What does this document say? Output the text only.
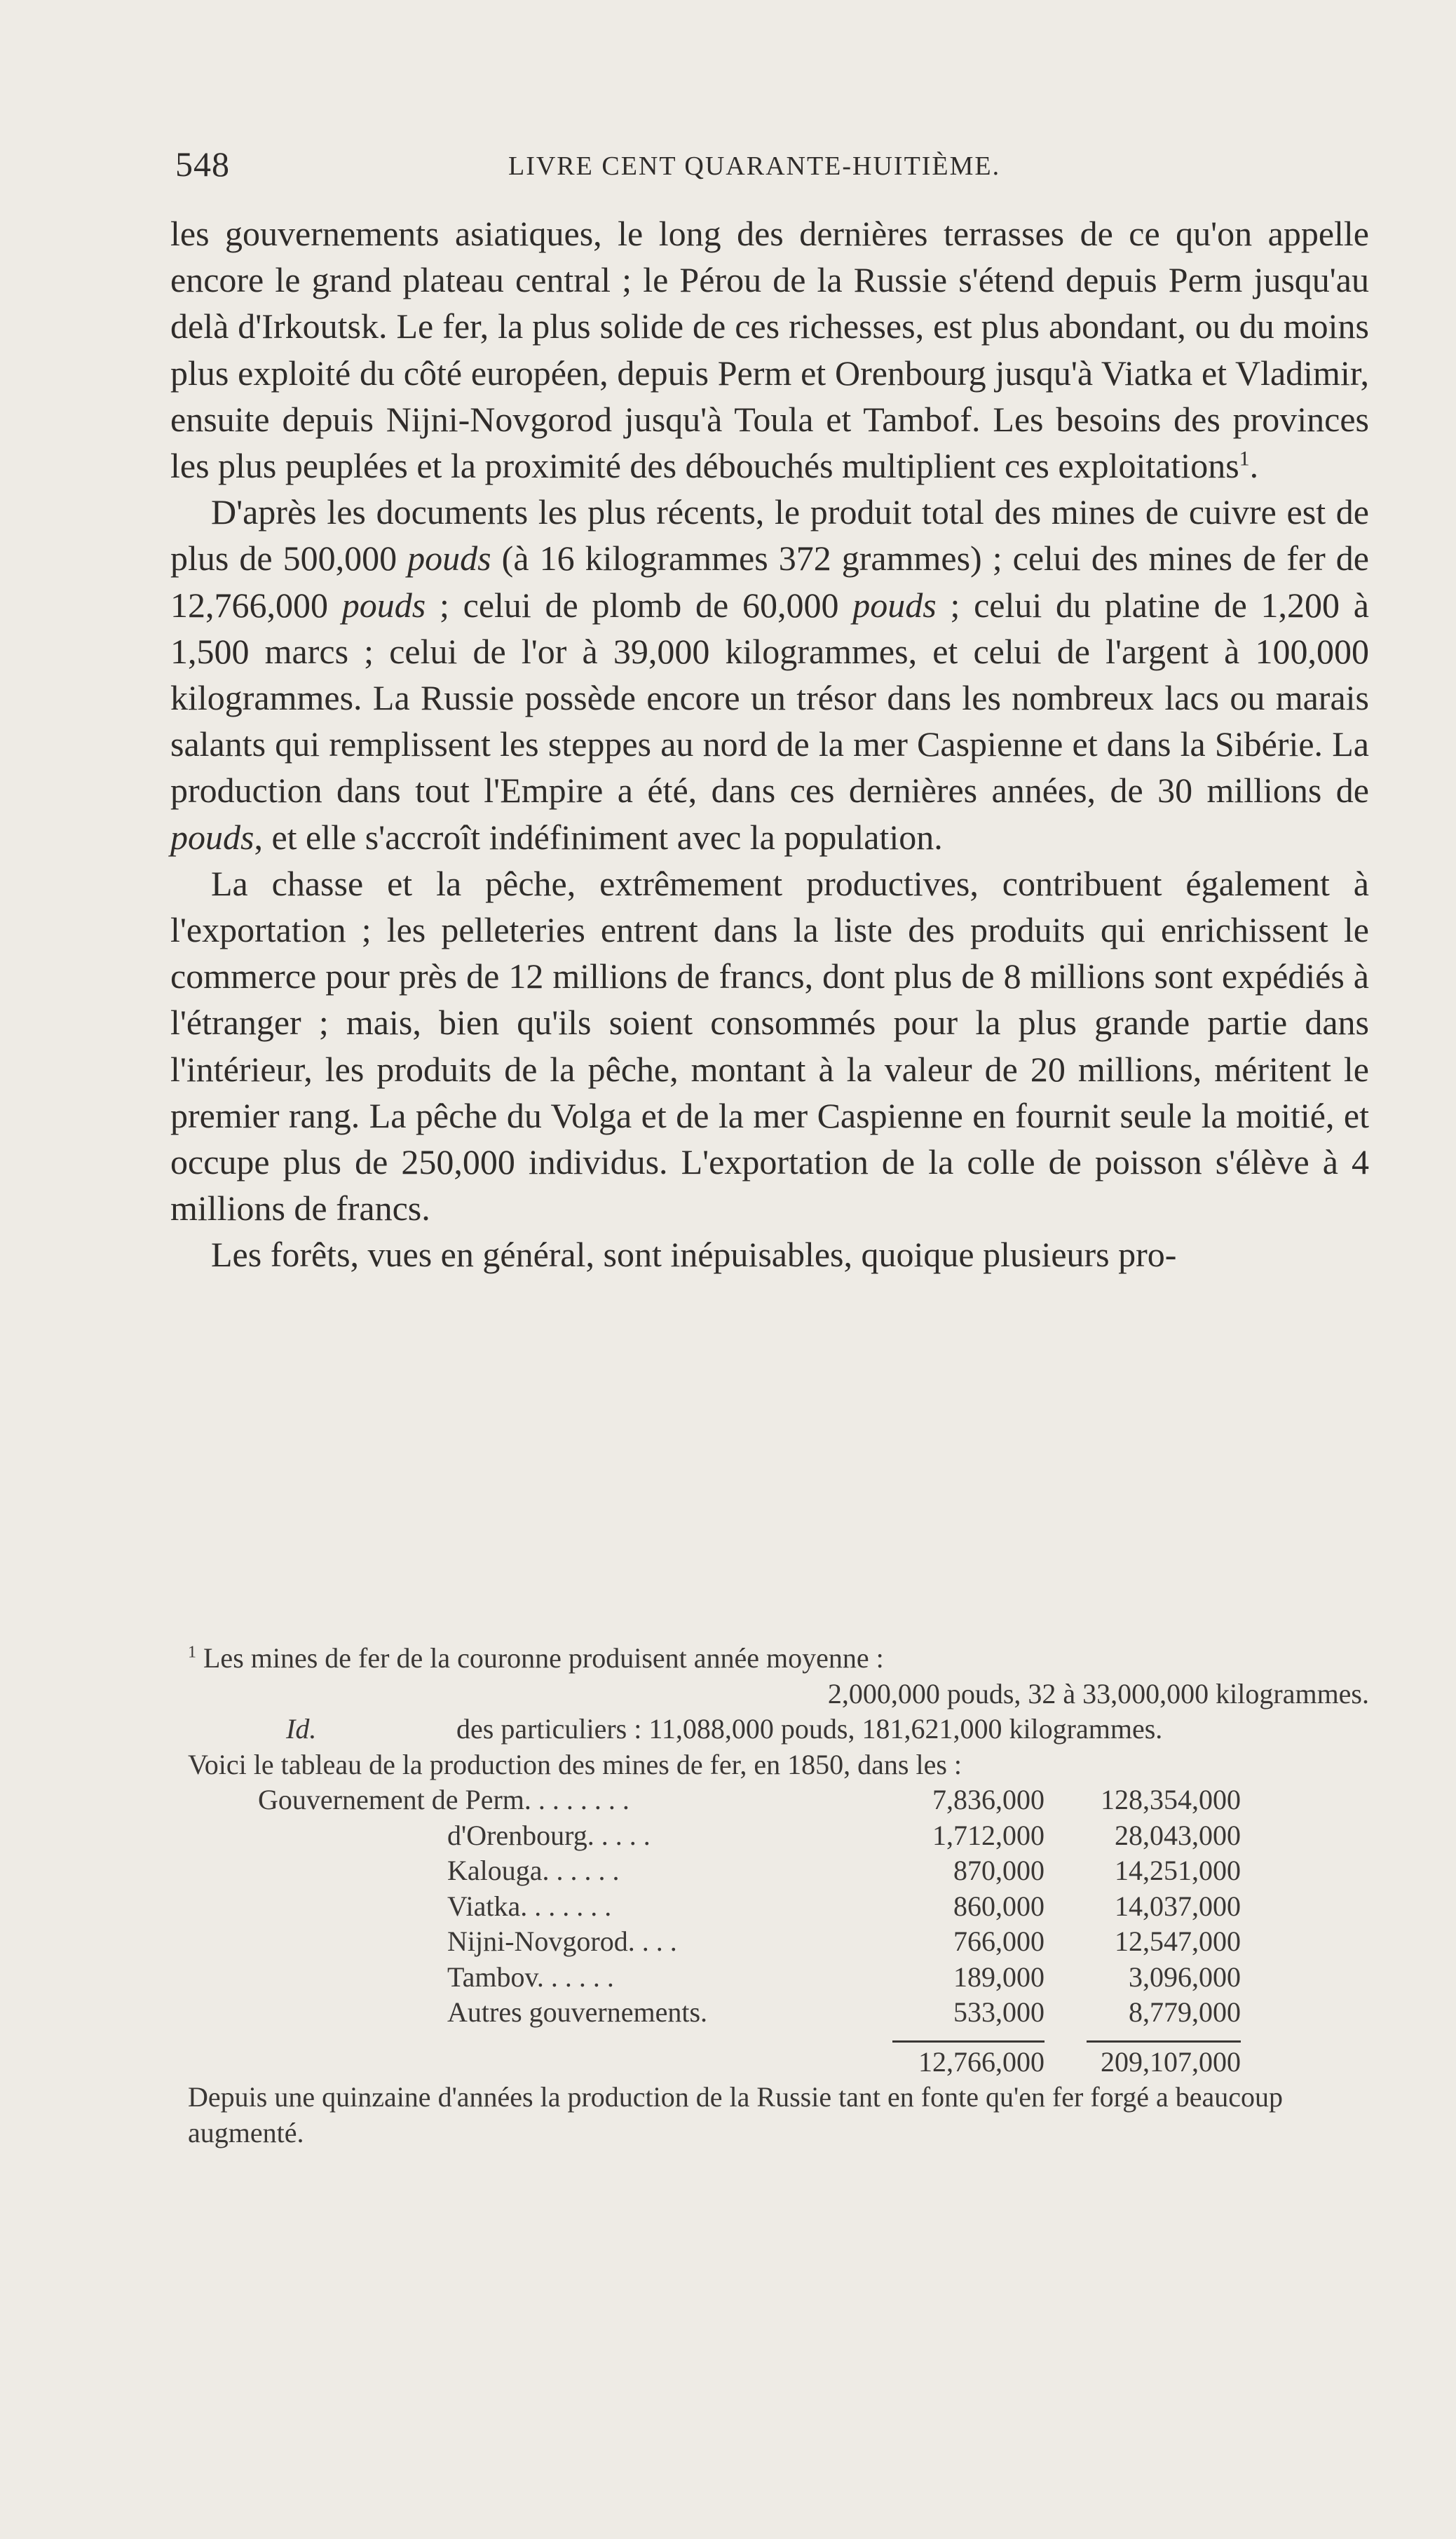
548	LIVRE CENT QUARANTE-HUITIÈME.

les gouvernements asiatiques, le long des dernières terrasses de ce qu'on appelle encore le grand plateau central ; le Pérou de la Russie s'étend depuis Perm jusqu'au delà d'Irkoutsk. Le fer, la plus solide de ces richesses, est plus abondant, ou du moins plus exploité du côté européen, depuis Perm et Orenbourg jusqu'à Viatka et Vladimir, ensuite depuis Nijni-Novgorod jusqu'à Toula et Tambof. Les besoins des provinces les plus peuplées et la proximité des débouchés multiplient ces exploitations$^1$.

D'après les documents les plus récents, le produit total des mines de cuivre est de plus de 500,000 pouds (à 16 kilogrammes 372 grammes) ; celui des mines de fer de 12,766,000 pouds ; celui de plomb de 60,000 pouds ; celui du platine de 1,200 à 1,500 marcs ; celui de l'or à 39,000 kilogrammes, et celui de l'argent à 100,000 kilogrammes. La Russie possède encore un trésor dans les nombreux lacs ou marais salants qui remplissent les steppes au nord de la mer Caspienne et dans la Sibérie. La production dans tout l'Empire a été, dans ces dernières années, de 30 millions de pouds, et elle s'accroît indéfiniment avec la population.

La chasse et la pêche, extrêmement productives, contribuent également à l'exportation ; les pelleteries entrent dans la liste des produits qui enrichissent le commerce pour près de 12 millions de francs, dont plus de 8 millions sont expédiés à l'étranger ; mais, bien qu'ils soient consommés pour la plus grande partie dans l'intérieur, les produits de la pêche, montant à la valeur de 20 millions, méritent le premier rang. La pêche du Volga et de la mer Caspienne en fournit seule la moitié, et occupe plus de 250,000 individus. L'exportation de la colle de poisson s'élève à 4 millions de francs.

Les forêts, vues en général, sont inépuisables, quoique plusieurs pro-

$^1$ Les mines de fer de la couronne produisent année moyenne :

2,000,000 pouds, 32 à 33,000,000 kilogrammes.

Id.	des particuliers : 11,088,000 pouds, 181,621,000 kilogrammes.

Voici le tableau de la production des mines de fer, en 1850, dans les :

Gouvernement de Perm. . . . . . . .	7,836,000	128,354,000
d'Orenbourg. . . . .	1,712,000	28,043,000
Kalouga. . . . . .	870,000	14,251,000
Viatka. . . . . . .	860,000	14,037,000
Nijni-Novgorod. . . .	766,000	12,547,000
Tambov. . . . . .	189,000	3,096,000
Autres gouvernements.	533,000	8,779,000

	12,766,000	209,107,000

Depuis une quinzaine d'années la production de la Russie tant en fonte qu'en fer forgé a beaucoup augmenté.
